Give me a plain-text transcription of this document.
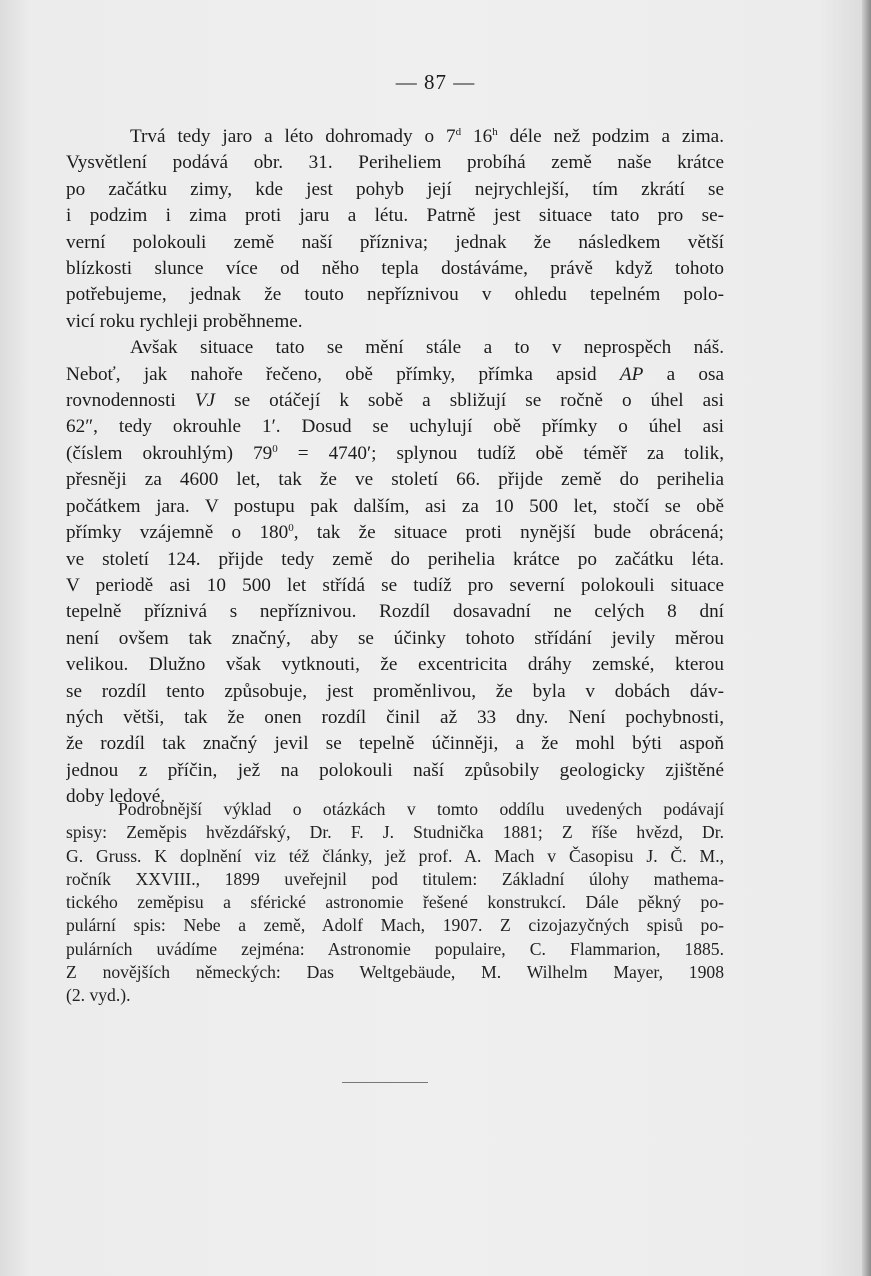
— 87 —
Trvá tedy jaro a léto dohromady o 7$^d$ 16$^h$ déle než podzim a zima.
Vysvětlení podává obr. 31. Periheliem probíhá země naše krátce
po začátku zimy, kde jest pohyb její nejrychlejší, tím zkrátí se
i podzim i zima proti jaru a létu. Patrně jest situace tato pro se-
verní polokouli země naší přízniva; jednak že následkem větší
blízkosti slunce více od něho tepla dostáváme, právě když tohoto
potřebujeme, jednak že touto nepříznivou v ohledu tepelném polo-
vicí roku rychleji proběhneme.
Avšak situace tato se mění stále a to v neprospěch náš.
Neboť, jak nahoře řečeno, obě přímky, přímka apsid AP a osa
rovnodennosti VJ se otáčejí k sobě a sbližují se ročně o úhel asi
62″, tedy okrouhle 1′. Dosud se uchylují obě přímky o úhel asi
(číslem okrouhlým) $79^0 = 4740'$; splynou tudíž obě téměř za tolik,
přesněji za 4600 let, tak že ve století 66. přijde země do perihelia
počátkem jara. V postupu pak dalším, asi za 10 500 let, stočí se obě
přímky vzájemně o $180^0$, tak že situace proti nynější bude obrácená;
ve století 124. přijde tedy země do perihelia krátce po začátku léta.
V periodě asi 10 500 let střídá se tudíž pro severní polokouli situace
tepelně příznivá s nepříznivou. Rozdíl dosavadní ne celých 8 dní
není ovšem tak značný, aby se účinky tohoto střídání jevily měrou
velikou. Dlužno však vytknouti, že excentricita dráhy zemské, kterou
se rozdíl tento způsobuje, jest proměnlivou, že byla v dobách dáv-
ných větši, tak že onen rozdíl činil až 33 dny. Není pochybnosti,
že rozdíl tak značný jevil se tepelně účinněji, a že mohl býti aspoň
jednou z příčin, jež na polokouli naší způsobily geologicky zjištěné
doby ledové.
Podrobnější výklad o otázkách v tomto oddílu uvedených podávají
spisy: Zeměpis hvězdářský, Dr. F. J. Studnička 1881; Z říše hvězd, Dr.
G. Gruss. K doplnění viz též články, jež prof. A. Mach v Časopisu J. Č. M.,
ročník XXVIII., 1899 uveřejnil pod titulem: Základní úlohy mathema-
tického zeměpisu a sférické astronomie řešené konstrukcí. Dále pěkný po-
pulární spis: Nebe a země, Adolf Mach, 1907. Z cizojazyčných spisů po-
pulárních uvádíme zejména: Astronomie populaire, C. Flammarion, 1885.
Z novějších německých: Das Weltgebäude, M. Wilhelm Mayer, 1908
(2. vyd.).
